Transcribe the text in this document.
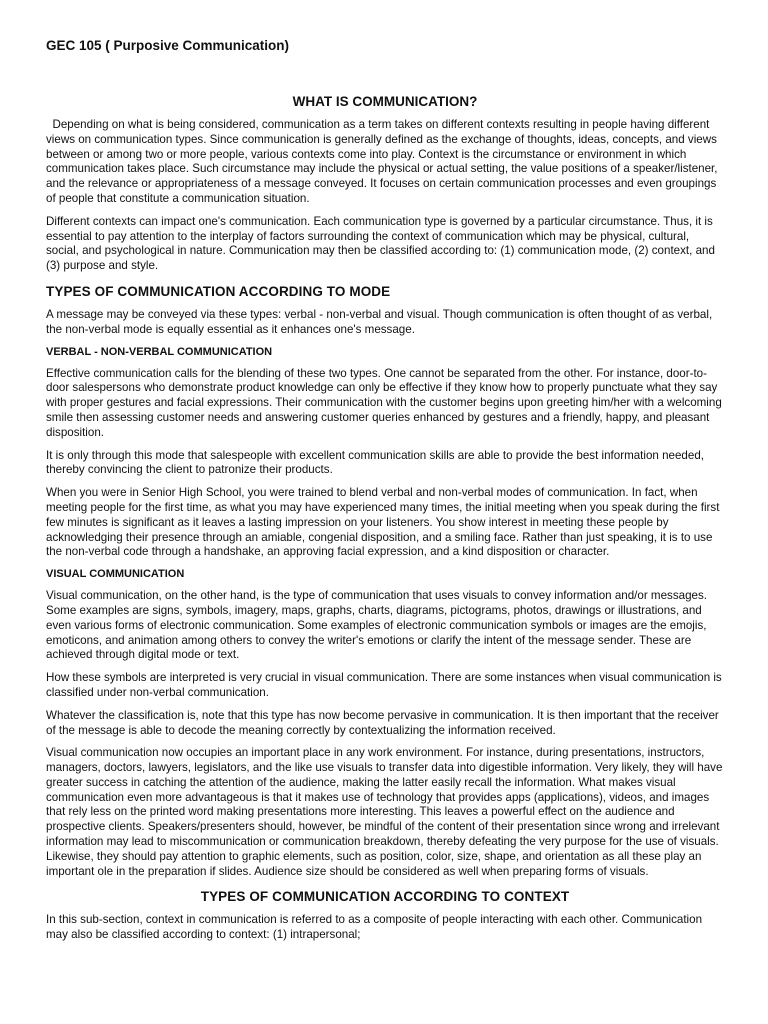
GEC 105 ( Purposive Communication)
WHAT IS COMMUNICATION?

Depending on what is being considered, communication as a term takes on different contexts resulting in people having different views on communication types. Since communication is generally defined as the exchange of thoughts, ideas, concepts, and views between or among two or more people, various contexts come into play. Context is the circumstance or environment in which communication takes place. Such circumstance may include the physical or actual setting, the value positions of a speaker/listener, and the relevance or appropriateness of a message conveyed. It focuses on certain communication processes and even groupings of people that constitute a communication situation.

Different contexts can impact one's communication. Each communication type is governed by a particular circumstance. Thus, it is essential to pay attention to the interplay of factors surrounding the context of communication which may be physical, cultural, social, and psychological in nature. Communication may then be classified according to: (1) communication mode, (2) context, and (3) purpose and style.

TYPES OF COMMUNICATION ACCORDING TO MODE

A message may be conveyed via these types: verbal - non-verbal and visual. Though communication is often thought of as verbal, the non-verbal mode is equally essential as it enhances one's message.

VERBAL - NON-VERBAL COMMUNICATION

Effective communication calls for the blending of these two types. One cannot be separated from the other. For instance, door-to-door salespersons who demonstrate product knowledge can only be effective if they know how to properly punctuate what they say with proper gestures and facial expressions. Their communication with the customer begins upon greeting him/her with a welcoming smile then assessing customer needs and answering customer queries enhanced by gestures and a friendly, happy, and pleasant disposition.

It is only through this mode that salespeople with excellent communication skills are able to provide the best information needed, thereby convincing the client to patronize their products.

When you were in Senior High School, you were trained to blend verbal and non-verbal modes of communication. In fact, when meeting people for the first time, as what you may have experienced many times, the initial meeting when you speak during the first few minutes is significant as it leaves a lasting impression on your listeners. You show interest in meeting these people by acknowledging their presence through an amiable, congenial disposition, and a smiling face. Rather than just speaking, it is to use the non-verbal code through a handshake, an approving facial expression, and a kind disposition or character.

VISUAL COMMUNICATION

Visual communication, on the other hand, is the type of communication that uses visuals to convey information and/or messages. Some examples are signs, symbols, imagery, maps, graphs, charts, diagrams, pictograms, photos, drawings or illustrations, and even various forms of electronic communication. Some examples of electronic communication symbols or images are the emojis, emoticons, and animation among others to convey the writer's emotions or clarify the intent of the message sender. These are achieved through digital mode or text.

How these symbols are interpreted is very crucial in visual communication. There are some instances when visual communication is classified under non-verbal communication.

Whatever the classification is, note that this type has now become pervasive in communication. It is then important that the receiver of the message is able to decode the meaning correctly by contextualizing the information received.

Visual communication now occupies an important place in any work environment. For instance, during presentations, instructors, managers, doctors, lawyers, legislators, and the like use visuals to transfer data into digestible information. Very likely, they will have greater success in catching the attention of the audience, making the latter easily recall the information. What makes visual communication even more advantageous is that it makes use of technology that provides apps (applications), videos, and images that rely less on the printed word making presentations more interesting. This leaves a powerful effect on the audience and prospective clients. Speakers/presenters should, however, be mindful of the content of their presentation since wrong and irrelevant information may lead to miscommunication or communication breakdown, thereby defeating the very purpose for the use of visuals. Likewise, they should pay attention to graphic elements, such as position, color, size, shape, and orientation as all these play an important ole in the preparation if slides. Audience size should be considered as well when preparing forms of visuals.

TYPES OF COMMUNICATION ACCORDING TO CONTEXT

In this sub-section, context in communication is referred to as a composite of people interacting with each other. Communication may also be classified according to context: (1) intrapersonal;
